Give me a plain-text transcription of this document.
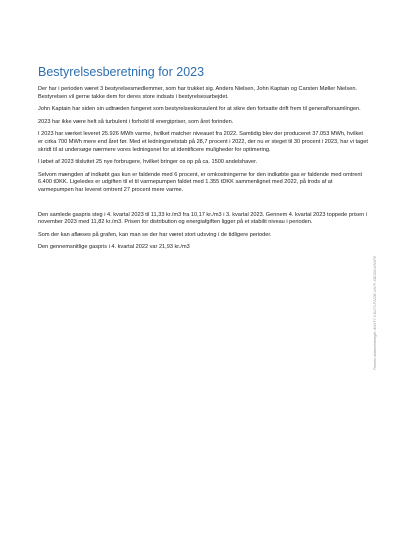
Bestyrelsesberetning for 2023

Der har i perioden været 3 bestyrelsesmedlemmer, som har trukket sig. Anders Nielsen, John Kaptain og Carsten Møller Nielsen. Bestyrelsen vil gerne takke dem for deres store indsats i bestyrelsesarbejdet.

John Kaptain har siden sin udtræden fungeret som bestyrelseskonsulent for at sikre den fortsatte drift frem til generalforsamlingen.

2023 har ikke være helt så turbulent i forhold til energipriser, som året forinden.

I 2023 har værket leveret 25.926 MWh varme, hvilket matcher niveauet fra 2022. Samtidig blev der produceret 37.053 MWh, hvilket er cirka 700 MWh mere end året før. Med et ledningsnetstab på 28,7 procent i 2022, der nu er steget til 30 procent i 2023, har vi taget skridt til at undersøge nærmere vores ledningsnet for at identificere muligheder for optimering.

I løbet af 2023 tilsluttet 25 nye forbrugere, hvilket bringer os op på ca. 1500 andelshaver.

Selvom mængden af indkøbt gas kun er faldende med 6 procent, er omkostningerne for den indkøbte gas er faldende med omtrent 6.400 tDKK. Ligeledes er udgiften til el til varmepumpen faldet med 1.355 tDKK sammenlignet med 2022, på trods af at varmepumpen har leveret omtrent 27 procent mere varme.

Den samlede gaspris steg i 4. kvartal 2023 til 11,33 kr./m3 fra 10,17 kr./m3 i 3. kvartal 2023. Gennem 4. kvartal 2023 toppede prisen i november 2023 med 11,82 kr./m3. Prisen for distribution og energiafgiften ligger på et stabilit niveau i perioden.

Som der kan aflæses på grafen, kan man se der har været stort udsving i de tidligere perioder.

Den gennemsnitlige gaspris i 4. kvartal 2022 var 21,93 kr./m3

Penneo dokumentnøgle: ANXT7-V1W73-P2Z0E-XA7P-XBDD0-WN3F8
